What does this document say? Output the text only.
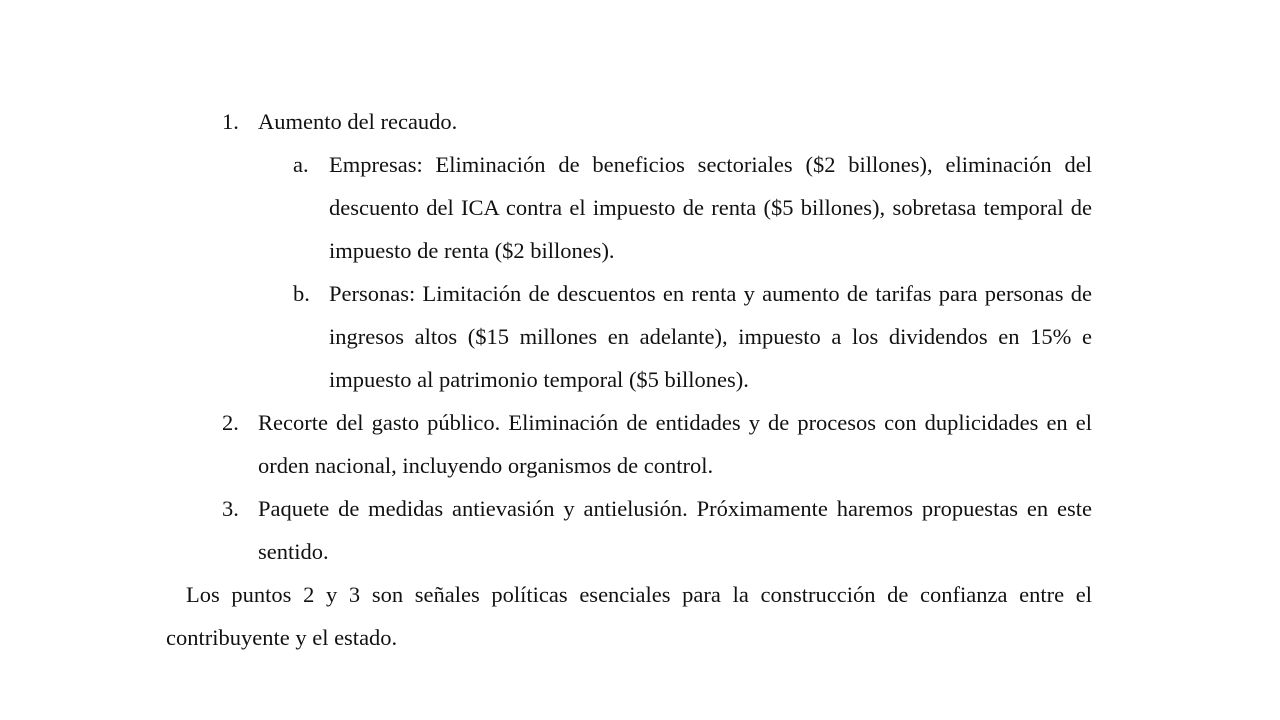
1. Aumento del recaudo.
a. Empresas: Eliminación de beneficios sectoriales ($2 billones), eliminación del descuento del ICA contra el impuesto de renta ($5 billones), sobretasa temporal de impuesto de renta ($2 billones).
b. Personas: Limitación de descuentos en renta y aumento de tarifas para personas de ingresos altos ($15 millones en adelante), impuesto a los dividendos en 15% e impuesto al patrimonio temporal ($5 billones).
2. Recorte del gasto público. Eliminación de entidades y de procesos con duplicidades en el orden nacional, incluyendo organismos de control.
3. Paquete de medidas antievasión y antielusión. Próximamente haremos propuestas en este sentido.

Los puntos 2 y 3 son señales políticas esenciales para la construcción de confianza entre el contribuyente y el estado.
